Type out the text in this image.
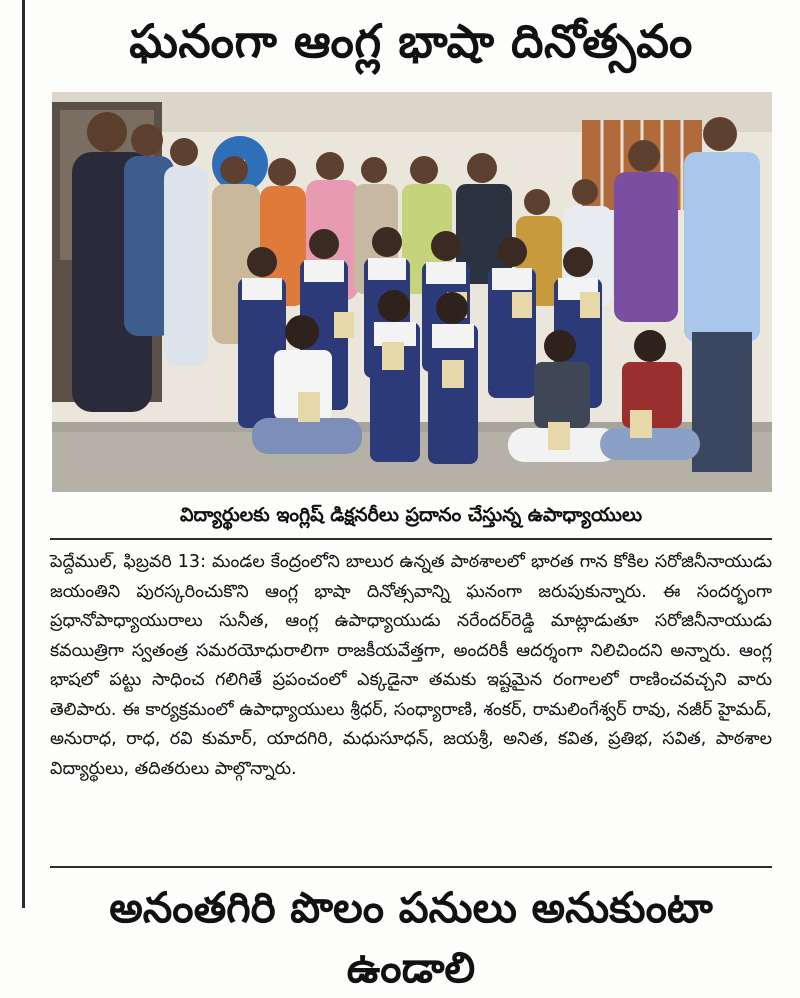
ఘనంగా ఆంగ్ల భాషా దినోత్సవం
విద్యార్థులకు ఇంగ్లిష్ డిక్షనరీలు ప్రదానం చేస్తున్న ఉపాధ్యాయులు

పెద్దేముల్, ఫిబ్రవరి 13: మండల కేంద్రంలోని బాలుర ఉన్నత పాఠశాలలో భారత గాన కోకిల సరోజినీనాయుడు జయంతిని పురస్కరించుకొని ఆంగ్ల భాషా దినోత్సవాన్ని ఘనంగా జరుపుకున్నారు. ఈ సందర్భంగా ప్రధానోపాధ్యాయురాలు సునీత, ఆంగ్ల ఉపాధ్యాయుడు నరేందర్‌రెడ్డి మాట్లాడుతూ సరోజినీనాయుడు కవయిత్రిగా స్వతంత్ర సమరయోధురాలిగా రాజకీయవేత్తగా, అందరికీ ఆదర్శంగా నిలిచిందని అన్నారు. ఆంగ్ల భాషలో పట్టు సాధించ గలిగితే ప్రపంచంలో ఎక్కడైనా తమకు ఇష్టమైన రంగాలలో రాణించవచ్చని వారు తెలిపారు. ఈ కార్యక్రమంలో ఉపాధ్యాయులు శ్రీధర్, సంధ్యారాణి, శంకర్, రామలింగేశ్వర్ రావు, నజీర్ హైమద్, అనురాధ, రాధ, రవి కుమార్, యాదగిరి, మధుసూధన్, జయశ్రీ, అనిత, కవిత, ప్రతిభ, సవిత, పాఠశాల విద్యార్థులు, తదితరులు పాల్గొన్నారు.

అనంతగిరి పొలం పనులు అనుకుంటా ఉండాలి
